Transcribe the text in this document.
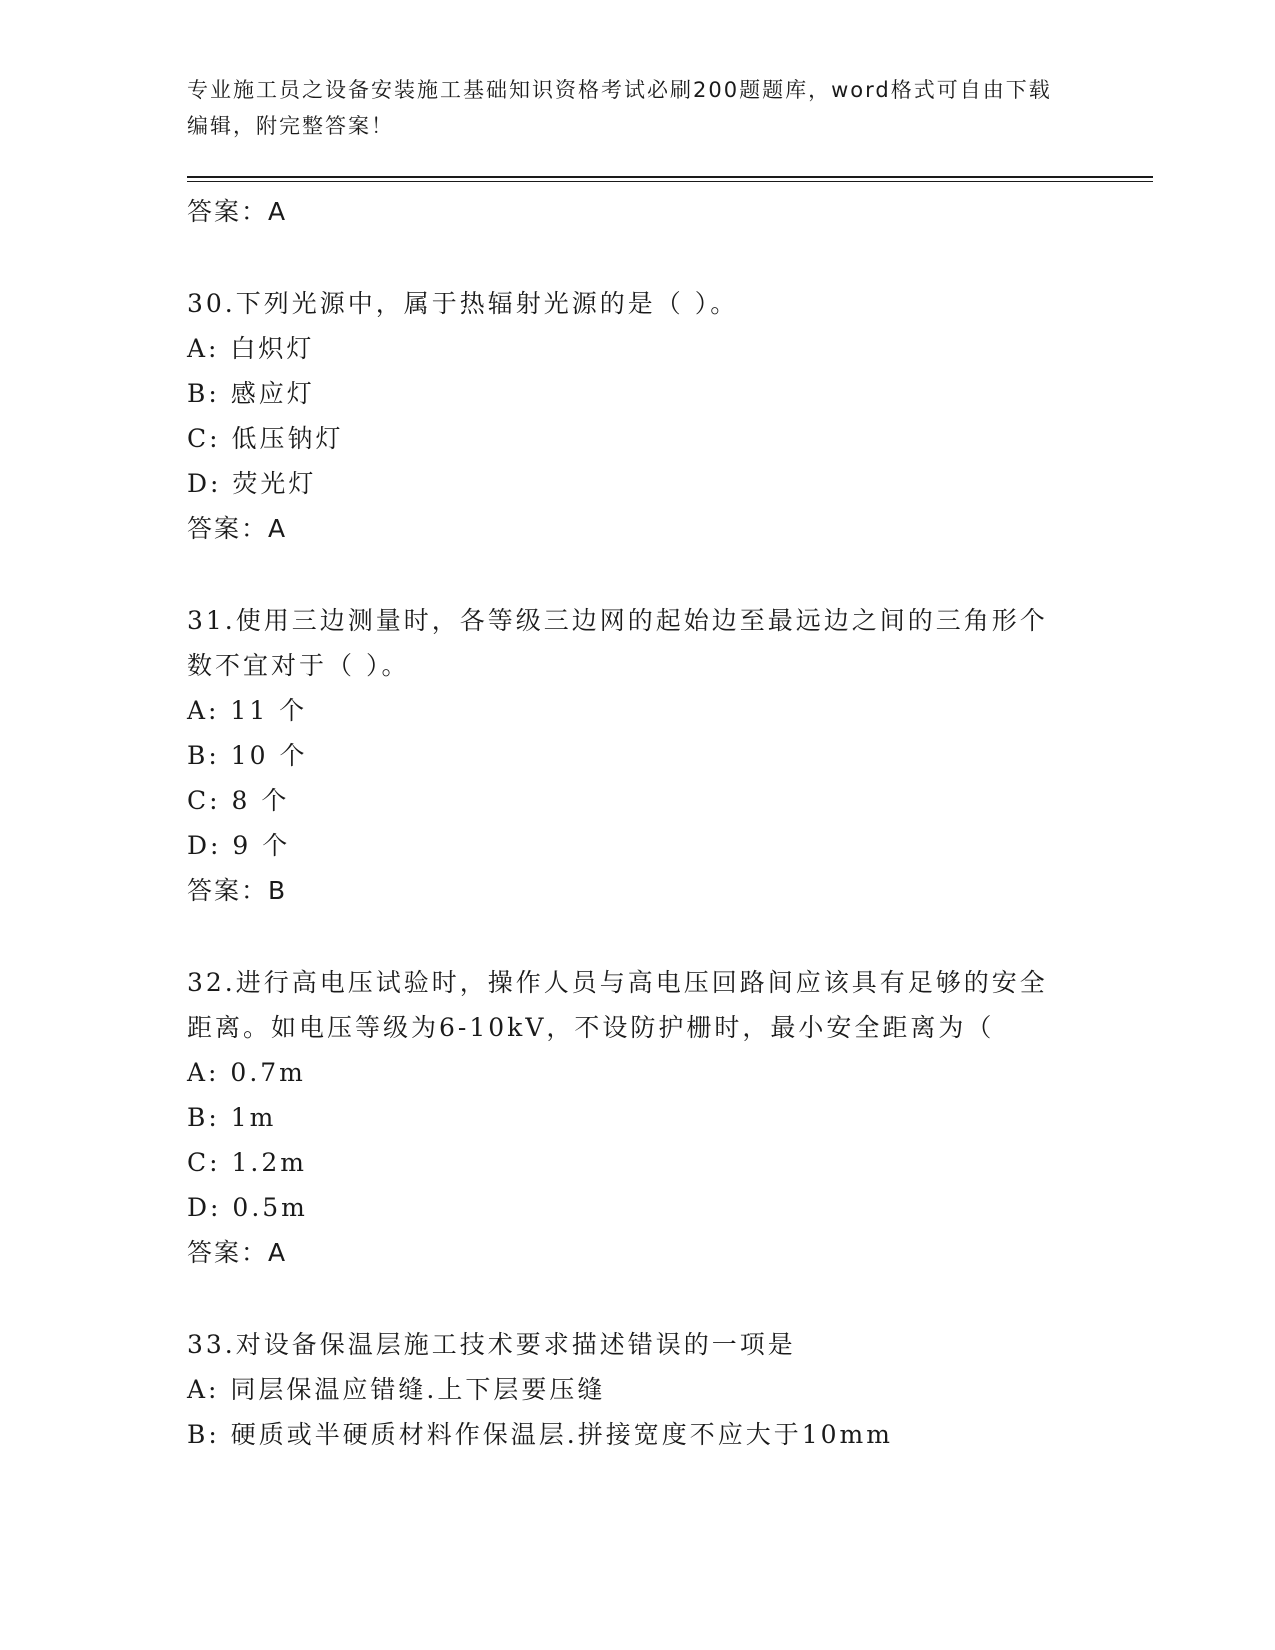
专业施工员之设备安装施工基础知识资格考试必刷200题题库，word格式可自由下载编辑，附完整答案！
答案：A
30.下列光源中，属于热辐射光源的是（ ）。
A: 白炽灯
B: 感应灯
C: 低压钠灯
D: 荧光灯
答案：A
31.使用三边测量时，各等级三边网的起始边至最远边之间的三角形个
数不宜对于（ ）。
A: 11 个
B: 10 个
C: 8 个
D: 9 个
答案：B
32.进行高电压试验时，操作人员与高电压回路间应该具有足够的安全
距离。如电压等级为6-10kV，不设防护栅时，最小安全距离为（
A: 0.7m
B: 1m
C: 1.2m
D: 0.5m
答案：A
33.对设备保温层施工技术要求描述错误的一项是
A: 同层保温应错缝.上下层要压缝
B: 硬质或半硬质材料作保温层.拼接宽度不应大于10mm
